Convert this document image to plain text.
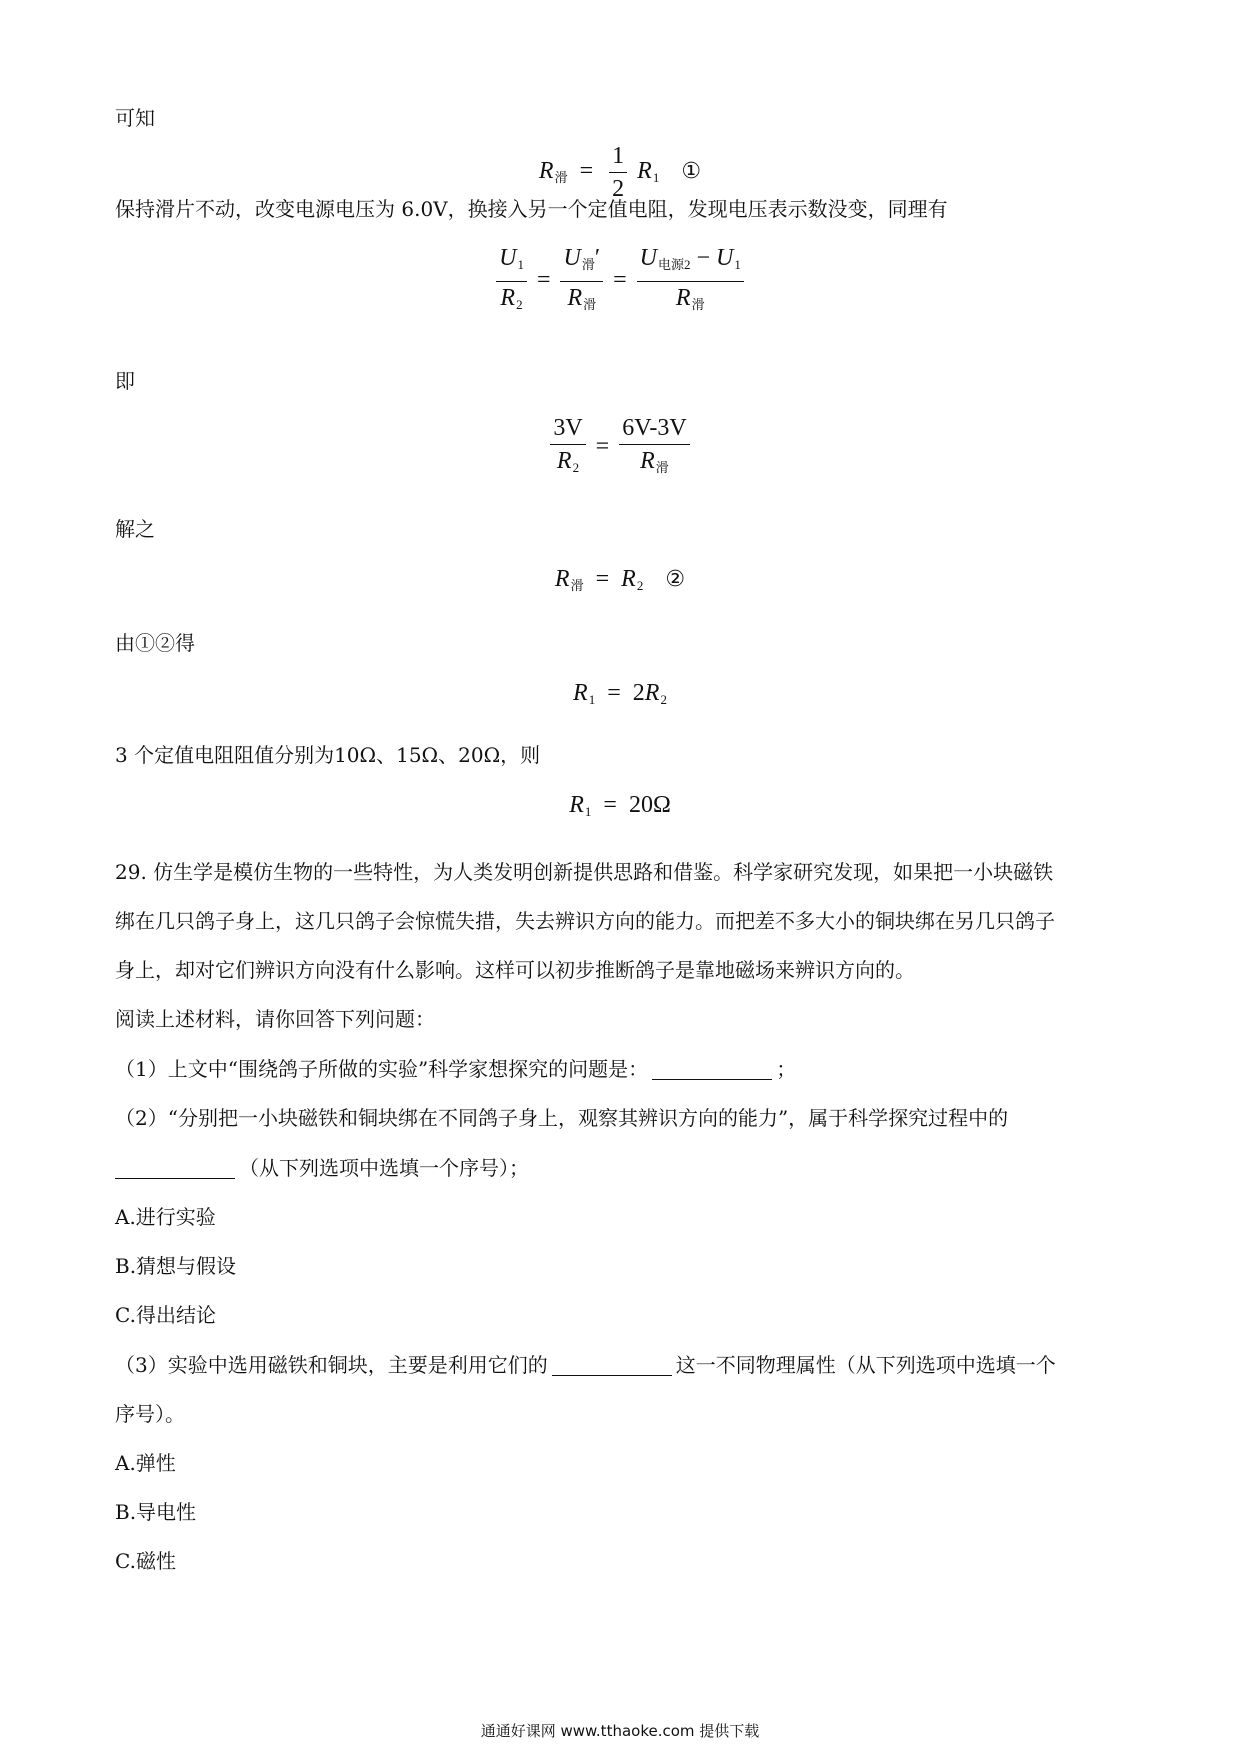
可知
$R_滑 = \frac{1}{2} R_1$ ①
保持滑片不动，改变电源电压为 6.0V，换接入另一个定值电阻，发现电压表示数没变，同理有
$\frac{U_1}{R_2} = \frac{U_滑'}{R_滑} = \frac{U_{电源2} - U_1}{R_滑}$
即
$\frac{3V}{R_2} = \frac{6V-3V}{R_滑}$
解之
$R_滑 = R_2$ ②
由①②得
$R_1 = 2R_2$
3 个定值电阻阻值分别为10Ω、15Ω、20Ω，则
$R_1 = 20\Omega$
29. 仿生学是模仿生物的一些特性，为人类发明创新提供思路和借鉴。科学家研究发现，如果把一小块磁铁
绑在几只鸽子身上，这几只鸽子会惊慌失措，失去辨识方向的能力。而把差不多大小的铜块绑在另几只鸽子
身上，却对它们辨识方向没有什么影响。这样可以初步推断鸽子是靠地磁场来辨识方向的。
阅读上述材料，请你回答下列问题：
（1）上文中“围绕鸽子所做的实验”科学家想探究的问题是：	；
（2）“分别把一小块磁铁和铜块绑在不同鸽子身上，观察其辨识方向的能力”，属于科学探究过程中的
（从下列选项中选填一个序号）；
A.进行实验
B.猜想与假设
C.得出结论
（3）实验中选用磁铁和铜块，主要是利用它们的	这一不同物理属性（从下列选项中选填一个
序号）。
A.弹性
B.导电性
C.磁性
通通好课网 www.tthaoke.com 提供下载
